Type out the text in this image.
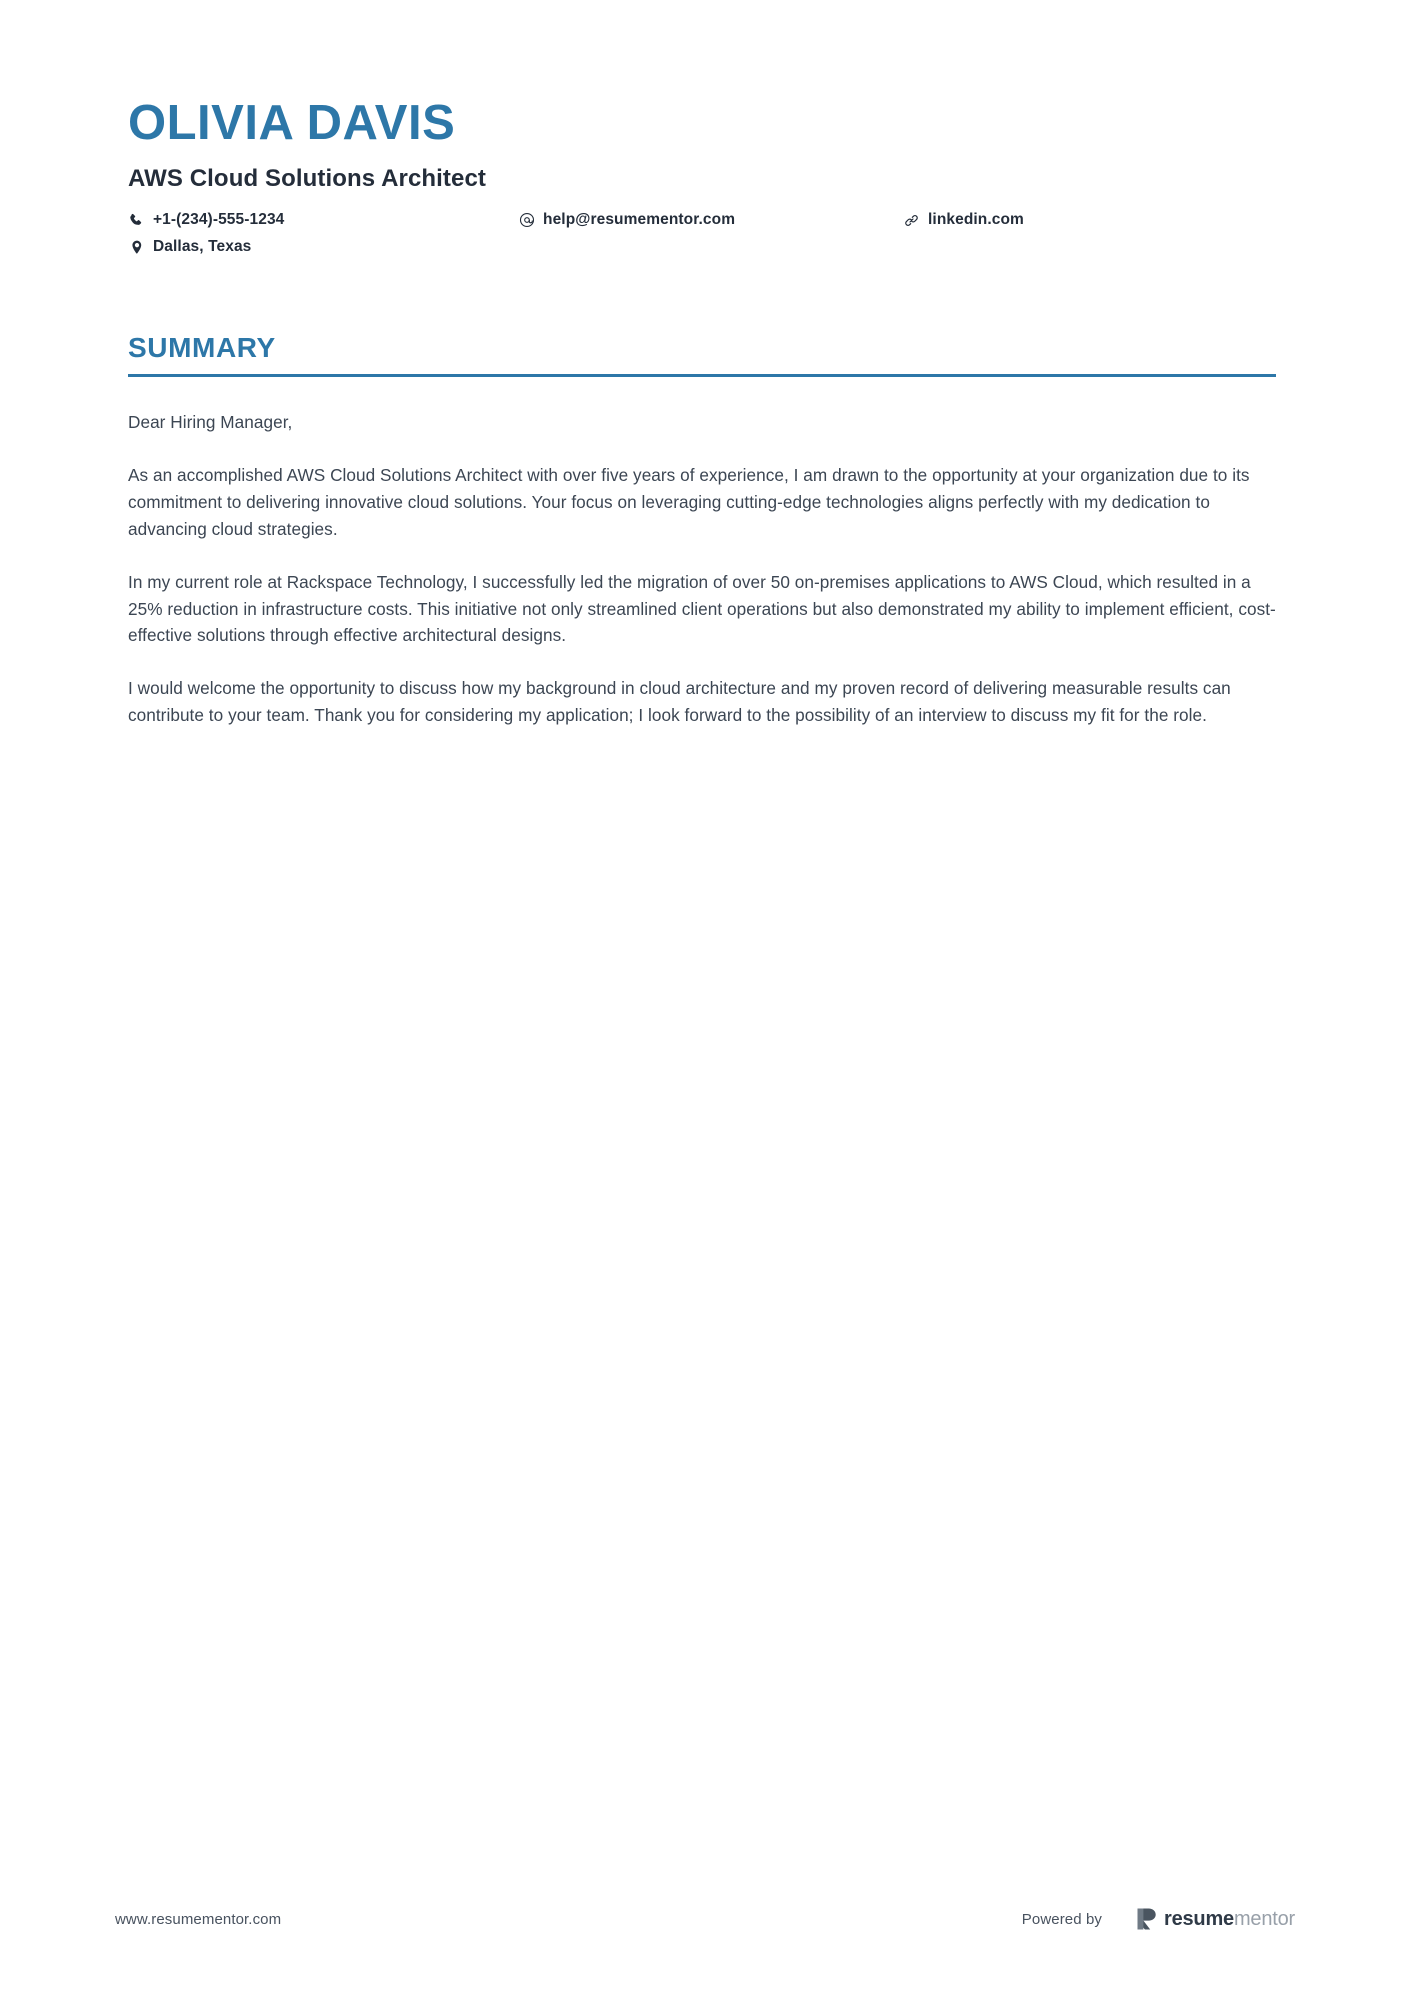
OLIVIA DAVIS
AWS Cloud Solutions Architect
+1-(234)-555-1234	help@resumementor.com	linkedin.com
Dallas, Texas
SUMMARY

Dear Hiring Manager,

As an accomplished AWS Cloud Solutions Architect with over five years of experience, I am drawn to the opportunity at your organization due to its commitment to delivering innovative cloud solutions. Your focus on leveraging cutting-edge technologies aligns perfectly with my dedication to advancing cloud strategies.

In my current role at Rackspace Technology, I successfully led the migration of over 50 on-premises applications to AWS Cloud, which resulted in a 25% reduction in infrastructure costs. This initiative not only streamlined client operations but also demonstrated my ability to implement efficient, cost-effective solutions through effective architectural designs.

I would welcome the opportunity to discuss how my background in cloud architecture and my proven record of delivering measurable results can contribute to your team. Thank you for considering my application; I look forward to the possibility of an interview to discuss my fit for the role.

www.resumementor.com	Powered by	resumementor
